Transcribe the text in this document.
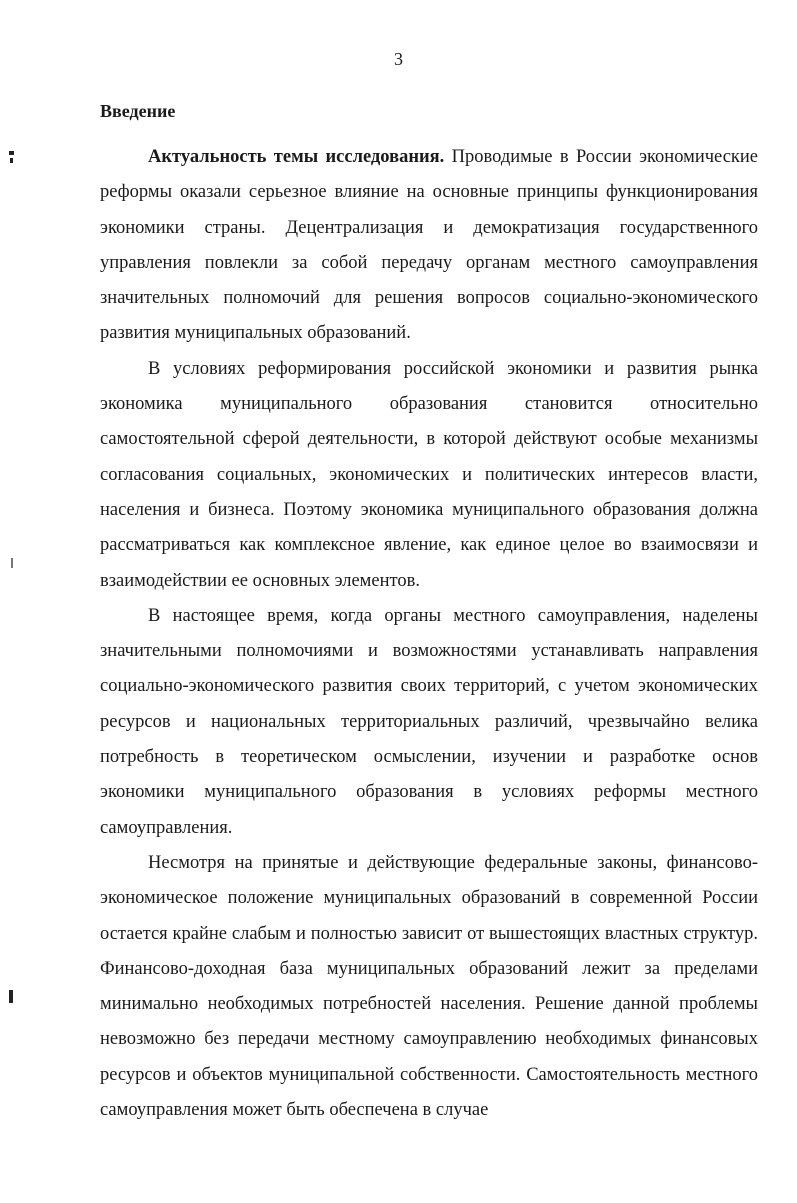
3
Введение

Актуальность темы исследования. Проводимые в России экономические реформы оказали серьезное влияние на основные принципы функционирования экономики страны. Децентрализация и демократизация государственного управления повлекли за собой передачу органам местного самоуправления значительных полномочий для решения вопросов социально-экономического развития муниципальных образований.

В условиях реформирования российской экономики и развития рынка экономика муниципального образования становится относительно самостоятельной сферой деятельности, в которой действуют особые механизмы согласования социальных, экономических и политических интересов власти, населения и бизнеса. Поэтому экономика муниципального образования должна рассматриваться как комплексное явление, как единое целое во взаимосвязи и взаимодействии ее основных элементов.

В настоящее время, когда органы местного самоуправления, наделены значительными полномочиями и возможностями устанавливать направления социально-экономического развития своих территорий, с учетом экономических ресурсов и национальных территориальных различий, чрезвычайно велика потребность в теоретическом осмыслении, изучении и разработке основ экономики муниципального образования в условиях реформы местного самоуправления.

Несмотря на принятые и действующие федеральные законы, финансово-экономическое положение муниципальных образований в современной России остается крайне слабым и полностью зависит от вышестоящих властных структур. Финансово-доходная база муниципальных образований лежит за пределами минимально необходимых потребностей населения. Решение данной проблемы невозможно без передачи местному самоуправлению необходимых финансовых ресурсов и объектов муниципальной собственности. Самостоятельность местного самоуправления может быть обеспечена в случае
